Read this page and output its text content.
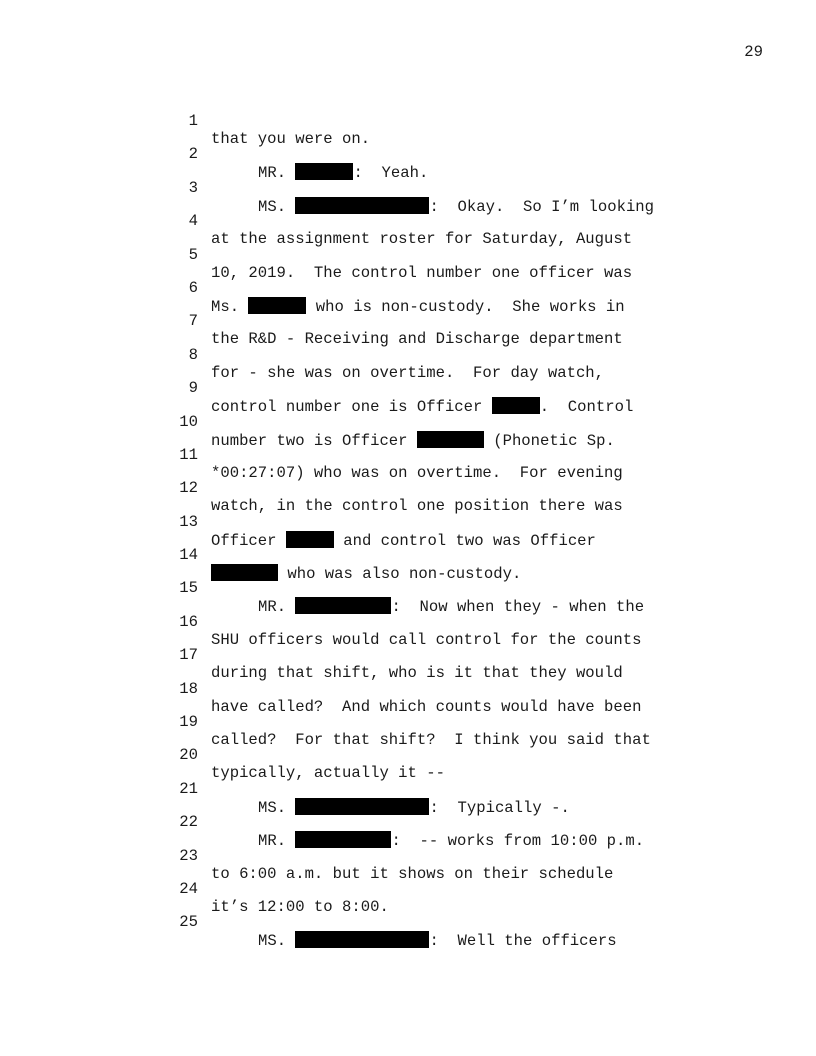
29

1

that you were on.

2

MR.	:  Yeah.

3

MS.	:  Okay.  So I’m looking

4

at the assignment roster for Saturday, August

5

10, 2019.  The control number one officer was

6

Ms.	who is non-custody.  She works in

7

the R&D - Receiving and Discharge department

8

for - she was on overtime.  For day watch,

9

control number one is Officer	.  Control

10

number two is Officer	(Phonetic Sp.

11

*00:27:07) who was on overtime.  For evening

12

watch, in the control one position there was

13

Officer	and control two was Officer

14

who was also non-custody.

15

MR.	:  Now when they - when the

16

SHU officers would call control for the counts

17

during that shift, who is it that they would

18

have called?  And which counts would have been

19

called?  For that shift?  I think you said that

20

typically, actually it --

21

MS.	:  Typically -.

22

MR.	:  -- works from 10:00 p.m.

23

to 6:00 a.m. but it shows on their schedule

24

it’s 12:00 to 8:00.

25

MS.	:  Well the officers
